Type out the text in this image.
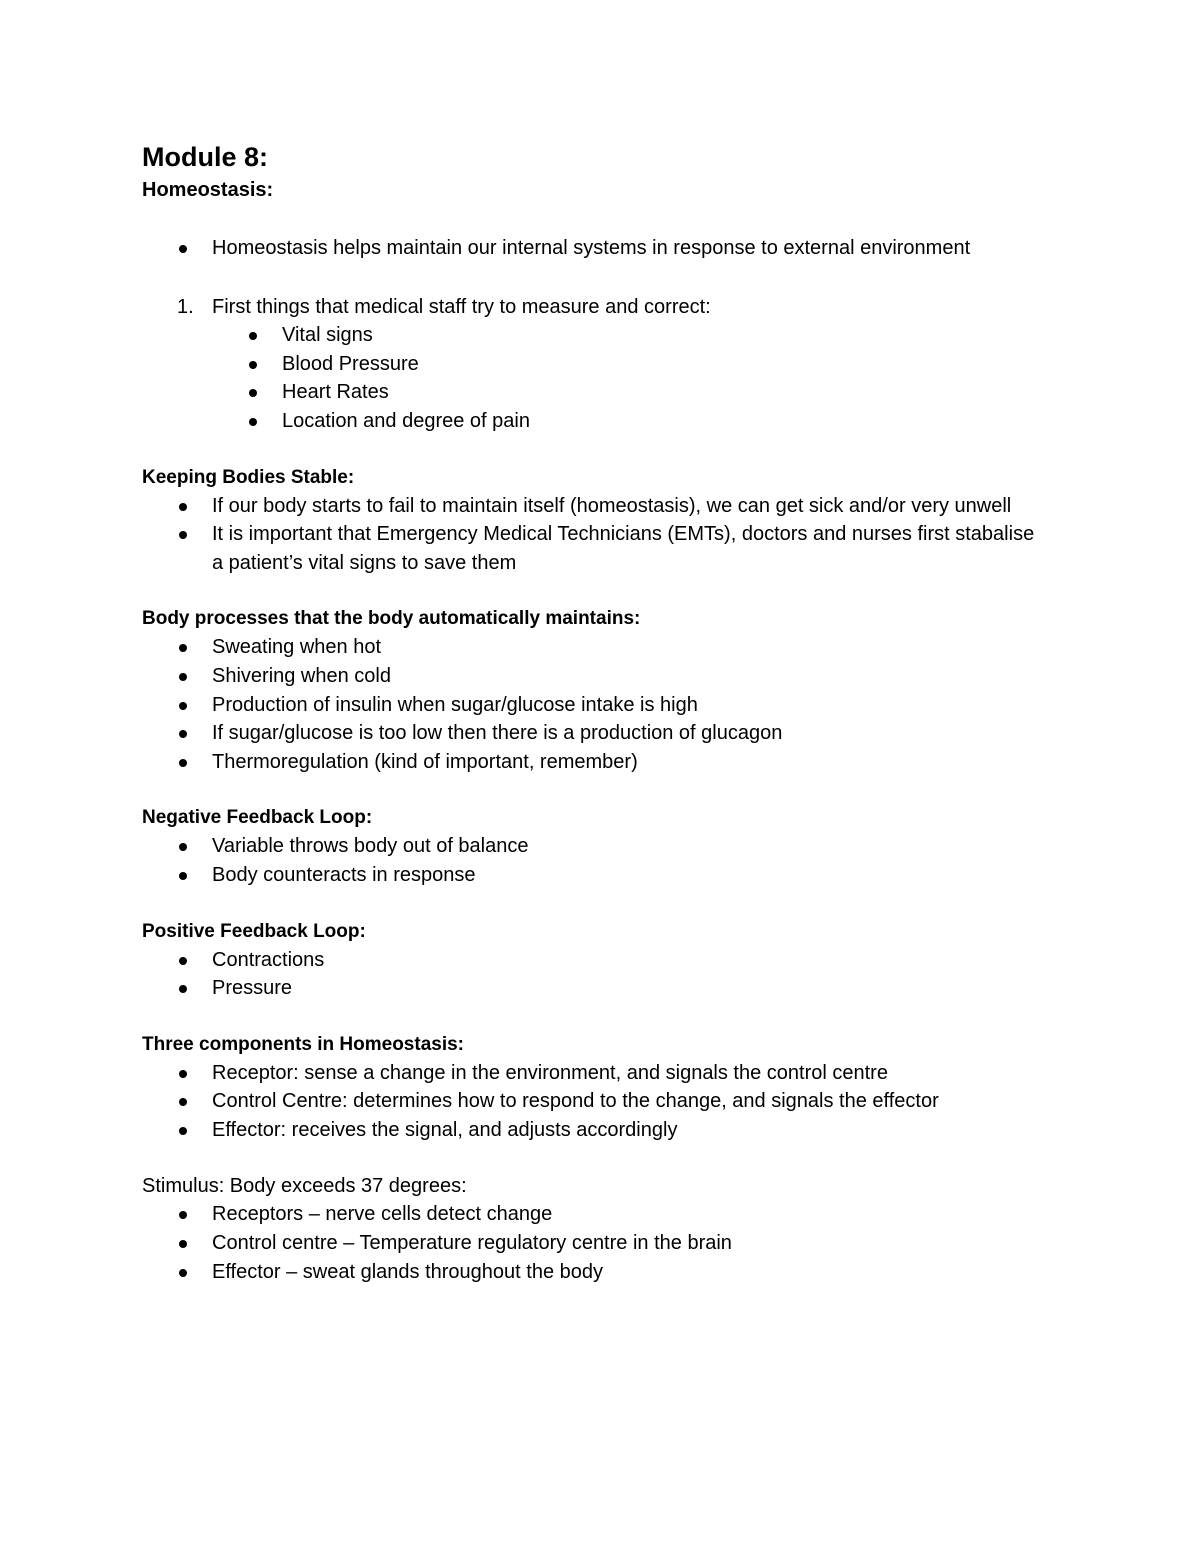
Module 8:
Homeostasis:
Homeostasis helps maintain our internal systems in response to external environment
1. First things that medical staff try to measure and correct:
Vital signs
Blood Pressure
Heart Rates
Location and degree of pain
Keeping Bodies Stable:
If our body starts to fail to maintain itself (homeostasis), we can get sick and/or very unwell
It is important that Emergency Medical Technicians (EMTs), doctors and nurses first stabalise a patient’s vital signs to save them
Body processes that the body automatically maintains:
Sweating when hot
Shivering when cold
Production of insulin when sugar/glucose intake is high
If sugar/glucose is too low then there is a production of glucagon
Thermoregulation (kind of important, remember)
Negative Feedback Loop:
Variable throws body out of balance
Body counteracts in response
Positive Feedback Loop:
Contractions
Pressure
Three components in Homeostasis:
Receptor: sense a change in the environment, and signals the control centre
Control Centre: determines how to respond to the change, and signals the effector
Effector: receives the signal, and adjusts accordingly

Stimulus: Body exceeds 37 degrees:

Receptors – nerve cells detect change
Control centre – Temperature regulatory centre in the brain
Effector – sweat glands throughout the body
